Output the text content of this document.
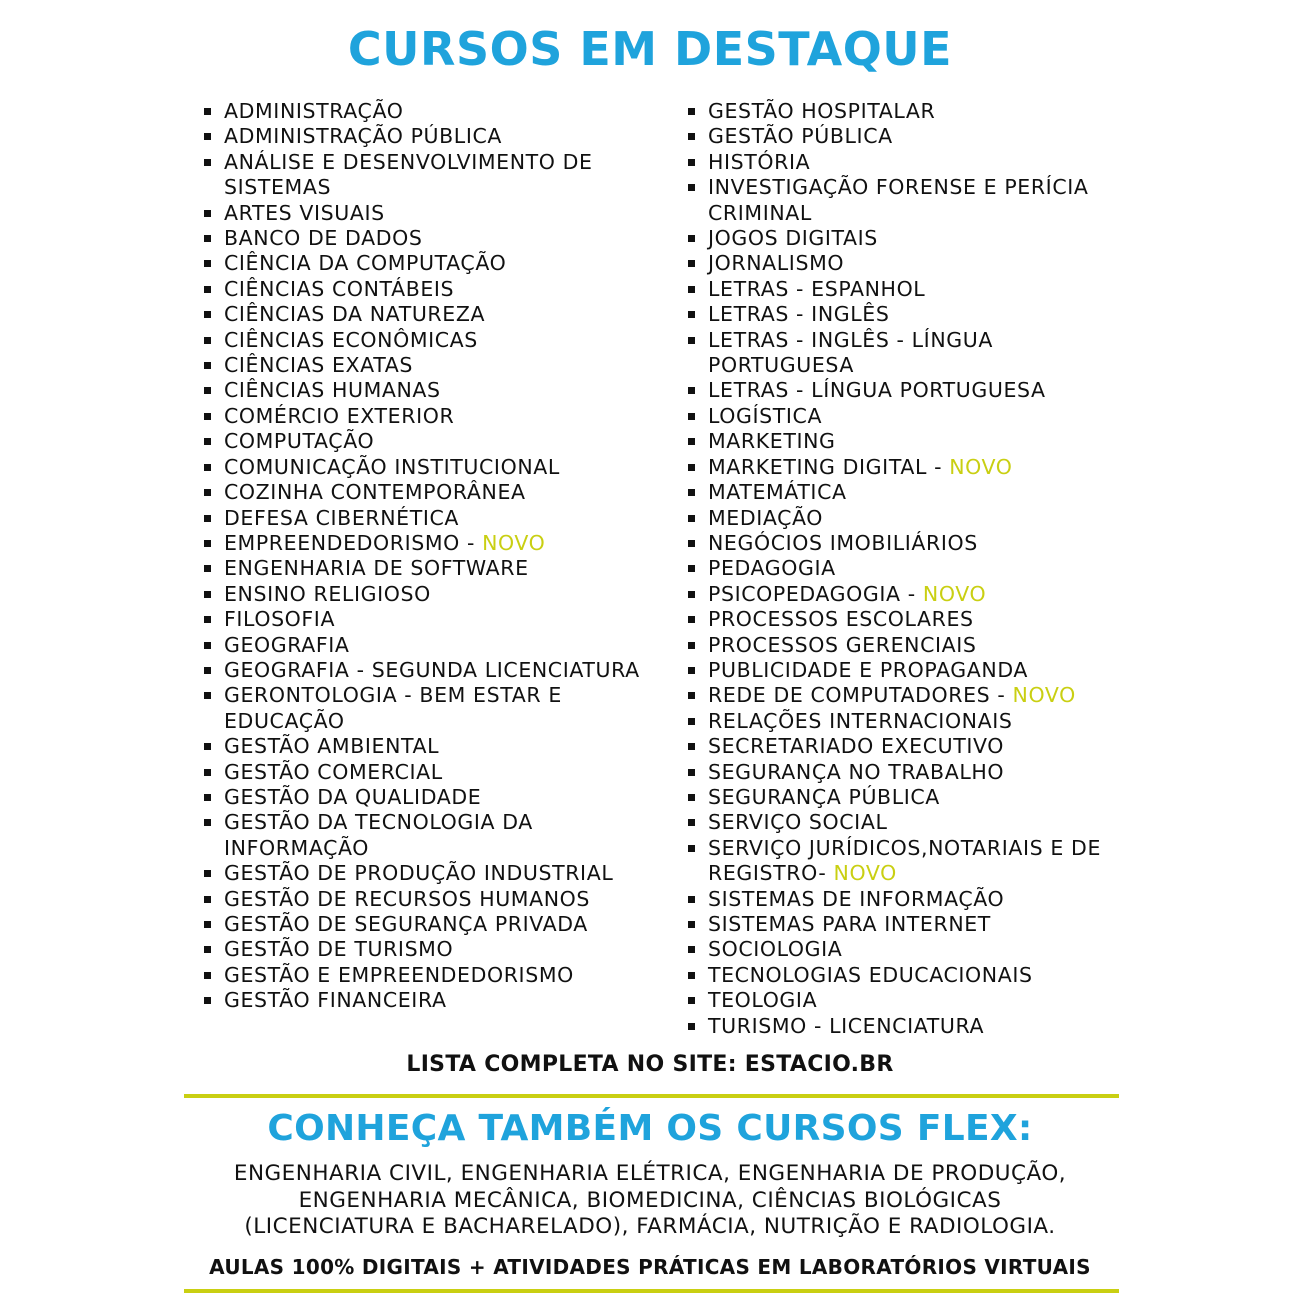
CURSOS EM DESTAQUE
ADMINISTRAÇÃO
ADMINISTRAÇÃO PÚBLICA
ANÁLISE E DESENVOLVIMENTO DE SISTEMAS
ARTES VISUAIS
BANCO DE DADOS
CIÊNCIA DA COMPUTAÇÃO
CIÊNCIAS CONTÁBEIS
CIÊNCIAS DA NATUREZA
CIÊNCIAS ECONÔMICAS
CIÊNCIAS EXATAS
CIÊNCIAS HUMANAS
COMÉRCIO EXTERIOR
COMPUTAÇÃO
COMUNICAÇÃO INSTITUCIONAL
COZINHA CONTEMPORÂNEA
DEFESA CIBERNÉTICA
EMPREENDEDORISMO - NOVO
ENGENHARIA DE SOFTWARE
ENSINO RELIGIOSO
FILOSOFIA
GEOGRAFIA
GEOGRAFIA - SEGUNDA LICENCIATURA
GERONTOLOGIA - BEM ESTAR E EDUCAÇÃO
GESTÃO AMBIENTAL
GESTÃO COMERCIAL
GESTÃO DA QUALIDADE
GESTÃO DA TECNOLOGIA DA INFORMAÇÃO
GESTÃO DE PRODUÇÃO INDUSTRIAL
GESTÃO DE RECURSOS HUMANOS
GESTÃO DE SEGURANÇA PRIVADA
GESTÃO DE TURISMO
GESTÃO E EMPREENDEDORISMO
GESTÃO FINANCEIRA
GESTÃO HOSPITALAR
GESTÃO PÚBLICA
HISTÓRIA
INVESTIGAÇÃO FORENSE E PERÍCIA CRIMINAL
JOGOS DIGITAIS
JORNALISMO
LETRAS - ESPANHOL
LETRAS - INGLÊS
LETRAS - INGLÊS - LÍNGUA PORTUGUESA
LETRAS - LÍNGUA PORTUGUESA
LOGÍSTICA
MARKETING
MARKETING DIGITAL - NOVO
MATEMÁTICA
MEDIAÇÃO
NEGÓCIOS IMOBILIÁRIOS
PEDAGOGIA
PSICOPEDAGOGIA - NOVO
PROCESSOS ESCOLARES
PROCESSOS GERENCIAIS
PUBLICIDADE E PROPAGANDA
REDE DE COMPUTADORES - NOVO
RELAÇÕES INTERNACIONAIS
SECRETARIADO EXECUTIVO
SEGURANÇA NO TRABALHO
SEGURANÇA PÚBLICA
SERVIÇO SOCIAL
SERVIÇO JURÍDICOS,NOTARIAIS E DE REGISTRO- NOVO
SISTEMAS DE INFORMAÇÃO
SISTEMAS PARA INTERNET
SOCIOLOGIA
TECNOLOGIAS EDUCACIONAIS
TEOLOGIA
TURISMO - LICENCIATURA

LISTA COMPLETA NO SITE: ESTACIO.BR

CONHEÇA TAMBÉM OS CURSOS FLEX:

ENGENHARIA CIVIL, ENGENHARIA ELÉTRICA, ENGENHARIA DE PRODUÇÃO,
ENGENHARIA MECÂNICA, BIOMEDICINA, CIÊNCIAS BIOLÓGICAS
(LICENCIATURA E BACHARELADO), FARMÁCIA, NUTRIÇÃO E RADIOLOGIA.

AULAS 100% DIGITAIS + ATIVIDADES PRÁTICAS EM LABORATÓRIOS VIRTUAIS
